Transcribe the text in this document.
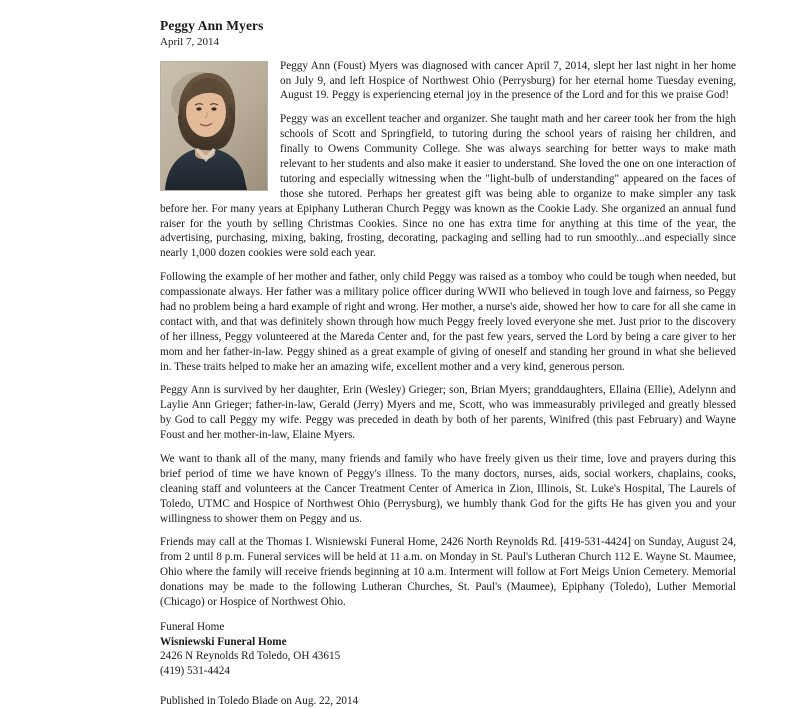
Peggy Ann Myers
April 7, 2014

Peggy Ann (Foust) Myers was diagnosed with cancer April 7, 2014, slept her last night in her home on July 9, and left Hospice of Northwest Ohio (Perrysburg) for her eternal home Tuesday evening, August 19. Peggy is experiencing eternal joy in the presence of the Lord and for this we praise God!

Peggy was an excellent teacher and organizer. She taught math and her career took her from the high schools of Scott and Springfield, to tutoring during the school years of raising her children, and finally to Owens Community College. She was always searching for better ways to make math relevant to her students and also make it easier to understand. She loved the one on one interaction of tutoring and especially witnessing when the "light-bulb of understanding" appeared on the faces of those she tutored. Perhaps her greatest gift was being able to organize to make simpler any task before her. For many years at Epiphany Lutheran Church Peggy was known as the Cookie Lady. She organized an annual fund raiser for the youth by selling Christmas Cookies. Since no one has extra time for anything at this time of the year, the advertising, purchasing, mixing, baking, frosting, decorating, packaging and selling had to run smoothly...and especially since nearly 1,000 dozen cookies were sold each year.

Following the example of her mother and father, only child Peggy was raised as a tomboy who could be tough when needed, but compassionate always. Her father was a military police officer during WWII who believed in tough love and fairness, so Peggy had no problem being a hard example of right and wrong. Her mother, a nurse's aide, showed her how to care for all she came in contact with, and that was definitely shown through how much Peggy freely loved everyone she met. Just prior to the discovery of her illness, Peggy volunteered at the Mareda Center and, for the past few years, served the Lord by being a care giver to her mom and her father-in-law. Peggy shined as a great example of giving of oneself and standing her ground in what she believed in. These traits helped to make her an amazing wife, excellent mother and a very kind, generous person.

Peggy Ann is survived by her daughter, Erin (Wesley) Grieger; son, Brian Myers; granddaughters, Ellaina (Ellie), Adelynn and Laylie Ann Grieger; father-in-law, Gerald (Jerry) Myers and me, Scott, who was immeasurably privileged and greatly blessed by God to call Peggy my wife. Peggy was preceded in death by both of her parents, Winifred (this past February) and Wayne Foust and her mother-in-law, Elaine Myers.

We want to thank all of the many, many friends and family who have freely given us their time, love and prayers during this brief period of time we have known of Peggy's illness. To the many doctors, nurses, aids, social workers, chaplains, cooks, cleaning staff and volunteers at the Cancer Treatment Center of America in Zion, Illinois, St. Luke's Hospital, The Laurels of Toledo, UTMC and Hospice of Northwest Ohio (Perrysburg), we humbly thank God for the gifts He has given you and your willingness to shower them on Peggy and us.

Friends may call at the Thomas I. Wisniewski Funeral Home, 2426 North Reynolds Rd. [419-531-4424] on Sunday, August 24, from 2 until 8 p.m. Funeral services will be held at 11 a.m. on Monday in St. Paul's Lutheran Church 112 E. Wayne St. Maumee, Ohio where the family will receive friends beginning at 10 a.m. Interment will follow at Fort Meigs Union Cemetery. Memorial donations may be made to the following Lutheran Churches, St. Paul's (Maumee), Epiphany (Toledo), Luther Memorial (Chicago) or Hospice of Northwest Ohio.

Funeral Home
Wisniewski Funeral Home
2426 N Reynolds Rd Toledo, OH 43615
(419) 531-4424
Published in Toledo Blade on Aug. 22, 2014
